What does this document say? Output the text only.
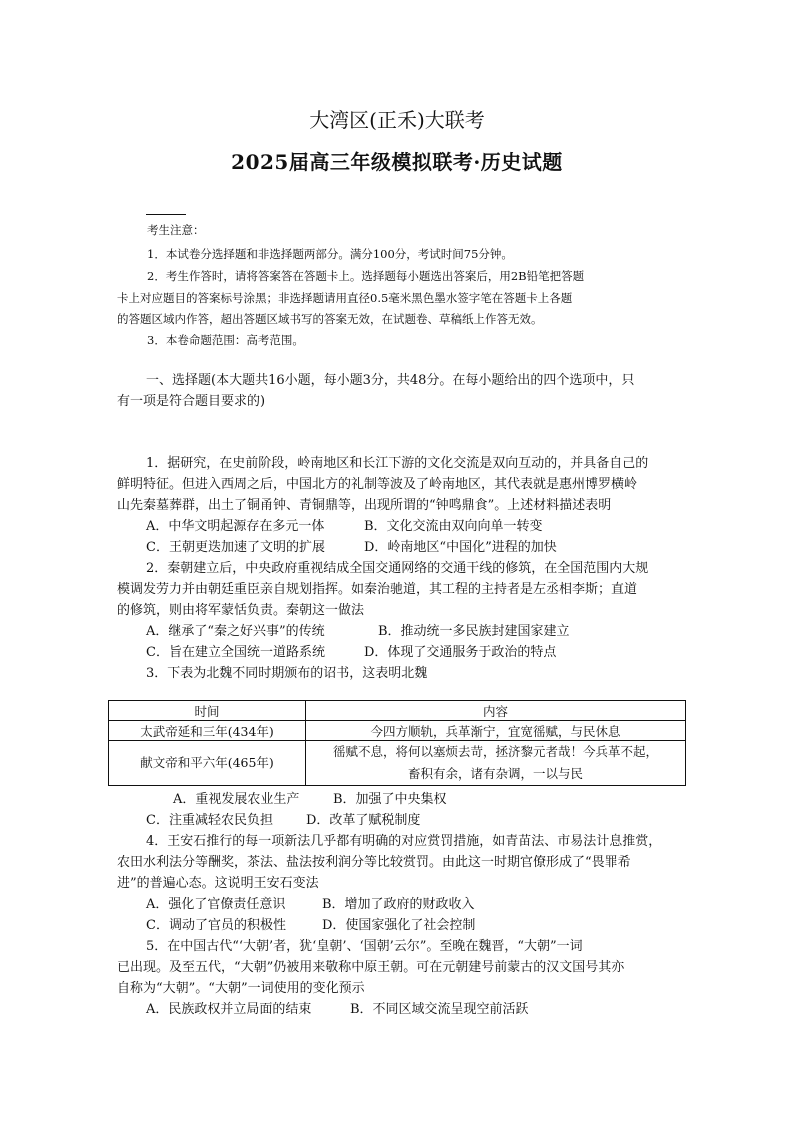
大湾区(正禾)大联考
2025届高三年级模拟联考·历史试题
考生注意：
1．本试卷分选择题和非选择题两部分。满分100分，考试时间75分钟。
2．考生作答时，请将答案答在答题卡上。选择题每小题选出答案后，用2B铅笔把答题
卡上对应题目的答案标号涂黑；非选择题请用直径0.5毫米黑色墨水签字笔在答题卡上各题
的答题区域内作答，超出答题区域书写的答案无效，在试题卷、草稿纸上作答无效。
3．本卷命题范围：高考范围。
一、选择题(本大题共16小题，每小题3分，共48分。在每小题给出的四个选项中，只
有一项是符合题目要求的)
1．据研究，在史前阶段，岭南地区和长江下游的文化交流是双向互动的，并具备自己的
鲜明特征。但进入西周之后，中国北方的礼制等波及了岭南地区，其代表就是惠州博罗横岭
山先秦墓葬群，出土了铜甬钟、青铜鼎等，出现所谓的“钟鸣鼎食”。上述材料描述表明
A．中华文明起源存在多元一体	B．文化交流由双向向单一转变
C．王朝更迭加速了文明的扩展	D．岭南地区“中国化”进程的加快
2．秦朝建立后，中央政府重视结成全国交通网络的交通干线的修筑，在全国范围内大规
模调发劳力并由朝廷重臣亲自规划指挥。如秦治驰道，其工程的主持者是左丞相李斯；直道
的修筑，则由将军蒙恬负责。秦朝这一做法
A．继承了“秦之好兴事”的传统	B．推动统一多民族封建国家建立
C．旨在建立全国统一道路系统	D．体现了交通服务于政治的特点
3．下表为北魏不同时期颁布的诏书，这表明北魏
时间	内容
太武帝延和三年(434年)	今四方顺轨，兵革渐宁，宜宽徭赋，与民休息
献文帝和平六年(465年)	徭赋不息，将何以塞烦去苛，拯济黎元者哉！今兵革不起，
畜积有余，诸有杂调，一以与民
A．重视发展农业生产	B．加强了中央集权
C．注重减轻农民负担	D．改革了赋税制度
4．王安石推行的每一项新法几乎都有明确的对应赏罚措施，如青苗法、市易法计息推赏，
农田水利法分等酬奖，茶法、盐法按利润分等比较赏罚。由此这一时期官僚形成了“畏罪希
进”的普遍心态。这说明王安石变法
A．强化了官僚责任意识	B．增加了政府的财政收入
C．调动了官员的积极性	D．使国家强化了社会控制
5．在中国古代“‘大朝’者，犹‘皇朝’、‘国朝’云尔”。至晚在魏晋，“大朝”一词
已出现。及至五代，“大朝”仍被用来敬称中原王朝。可在元朝建号前蒙古的汉文国号其亦
自称为“大朝”。“大朝”一词使用的变化预示
A．民族政权并立局面的结束	B．不同区域交流呈现空前活跃
